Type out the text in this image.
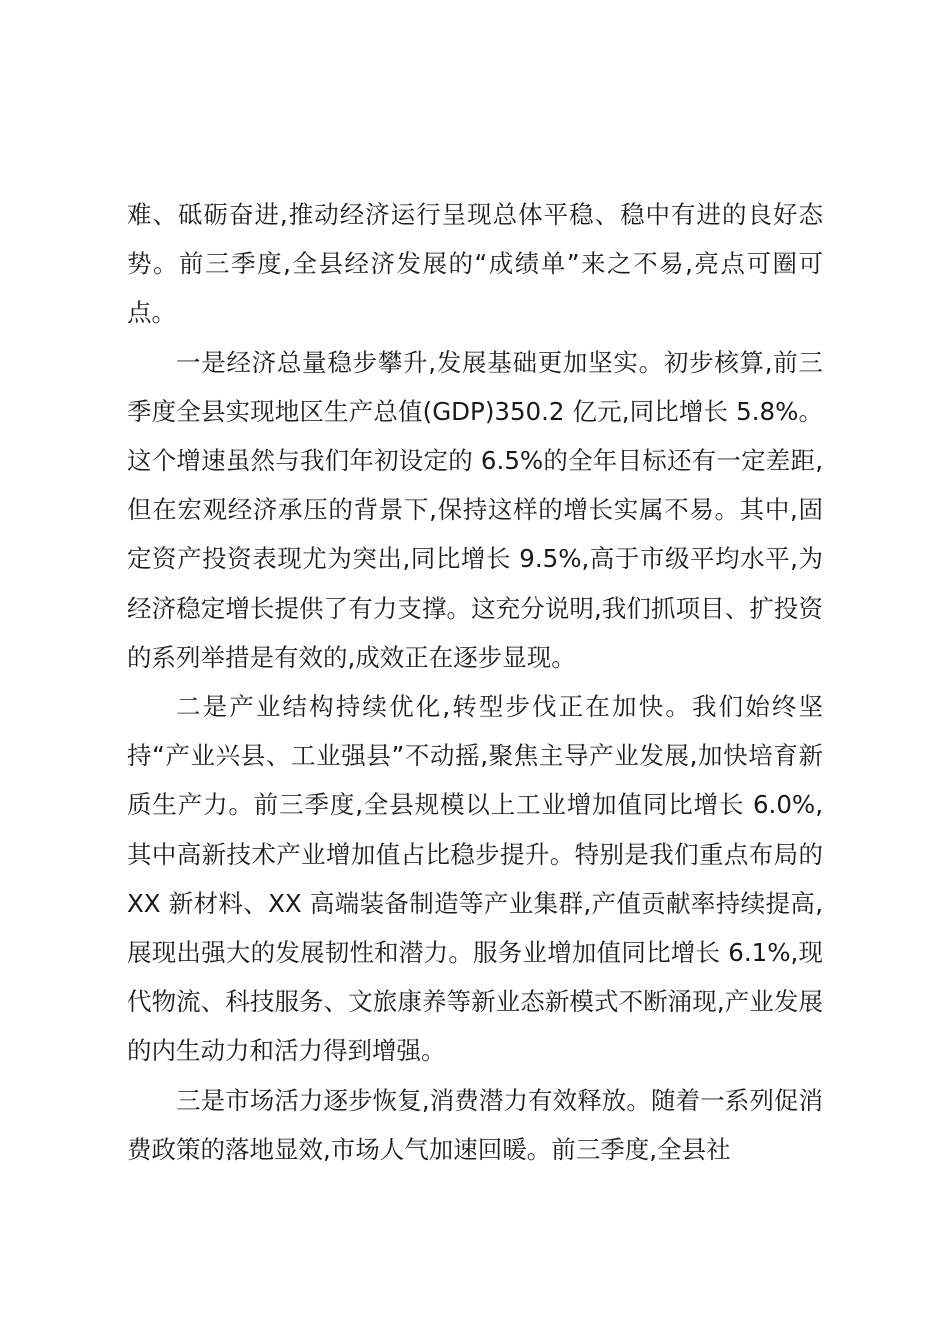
难、砥砺奋进,推动经济运行呈现总体平稳、稳中有进的良好态势。前三季度,全县经济发展的“成绩单”来之不易,亮点可圈可点。

一是经济总量稳步攀升,发展基础更加坚实。初步核算,前三季度全县实现地区生产总值(GDP)350.2 亿元,同比增长 5.8%。这个增速虽然与我们年初设定的 6.5%的全年目标还有一定差距,但在宏观经济承压的背景下,保持这样的增长实属不易。其中,固定资产投资表现尤为突出,同比增长 9.5%,高于市级平均水平,为经济稳定增长提供了有力支撑。这充分说明,我们抓项目、扩投资的系列举措是有效的,成效正在逐步显现。

二是产业结构持续优化,转型步伐正在加快。我们始终坚持“产业兴县、工业强县”不动摇,聚焦主导产业发展,加快培育新质生产力。前三季度,全县规模以上工业增加值同比增长 6.0%,其中高新技术产业增加值占比稳步提升。特别是我们重点布局的 XX 新材料、XX 高端装备制造等产业集群,产值贡献率持续提高,展现出强大的发展韧性和潜力。服务业增加值同比增长 6.1%,现代物流、科技服务、文旅康养等新业态新模式不断涌现,产业发展的内生动力和活力得到增强。

三是市场活力逐步恢复,消费潜力有效释放。随着一系列促消费政策的落地显效,市场人气加速回暖。前三季度,全县社
